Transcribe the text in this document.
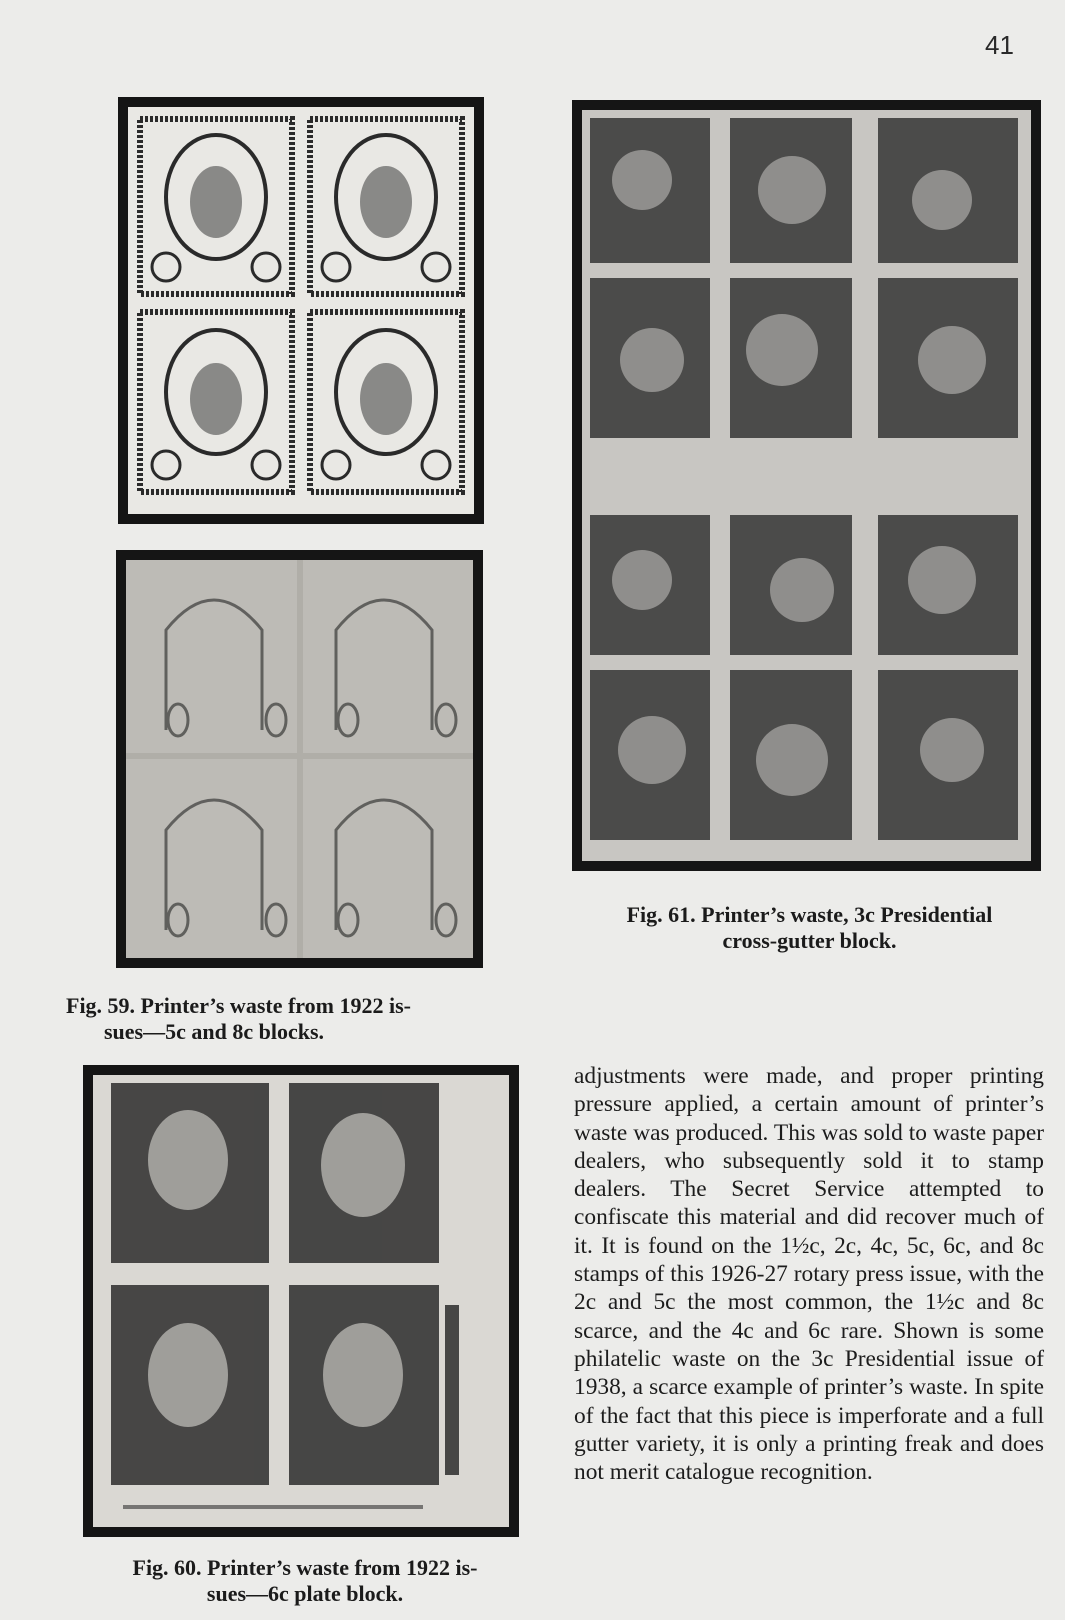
41
Fig. 61. Printer’s waste, 3c Presidential
cross-gutter block.
Fig. 59. Printer’s waste from 1922 is-
sues—5c and 8c blocks.
Fig. 60. Printer’s waste from 1922 is-
sues—6c plate block.

adjustments were made, and proper printing pressure applied, a certain amount of printer’s waste was produced. This was sold to waste paper dealers, who subsequently sold it to stamp dealers. The Secret Service attempted to confiscate this material and did recover much of it. It is found on the 1½c, 2c, 4c, 5c, 6c, and 8c stamps of this 1926-27 rotary press issue, with the 2c and 5c the most common, the 1½c and 8c scarce, and the 4c and 6c rare. Shown is some philatelic waste on the 3c Presidential issue of 1938, a scarce example of printer’s waste. In spite of the fact that this piece is imperforate and a full gutter variety, it is only a printing freak and does not merit catalogue recognition.
